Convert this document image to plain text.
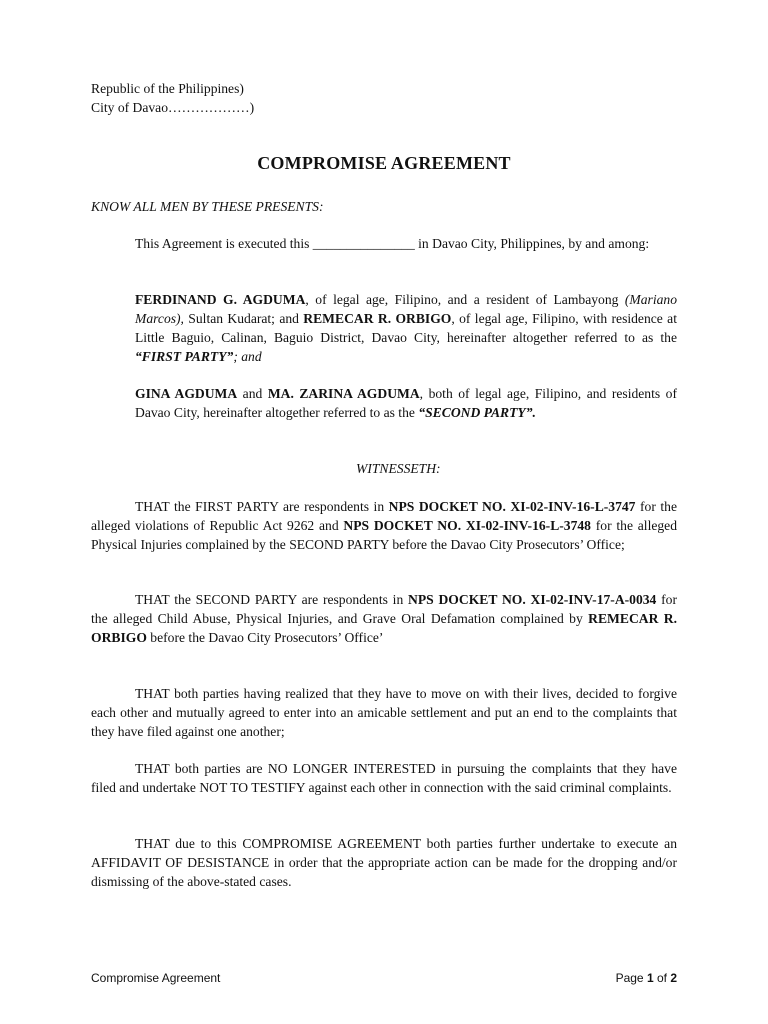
Republic of the Philippines)
City of Davao………………)
COMPROMISE AGREEMENT
KNOW ALL MEN BY THESE PRESENTS:
This Agreement is executed this _______________ in Davao City, Philippines, by and among:
FERDINAND G. AGDUMA, of legal age, Filipino, and a resident of Lambayong (Mariano Marcos), Sultan Kudarat; and REMECAR R. ORBIGO, of legal age, Filipino, with residence at Little Baguio, Calinan, Baguio District, Davao City, hereinafter altogether referred to as the “FIRST PARTY”; and
GINA AGDUMA and MA. ZARINA AGDUMA, both of legal age, Filipino, and residents of Davao City, hereinafter altogether referred to as the “SECOND PARTY”.
WITNESSETH:
THAT the FIRST PARTY are respondents in NPS DOCKET NO. XI-02-INV-16-L-3747 for the alleged violations of Republic Act 9262 and NPS DOCKET NO. XI-02-INV-16-L-3748 for the alleged Physical Injuries complained by the SECOND PARTY before the Davao City Prosecutors’ Office;
THAT the SECOND PARTY are respondents in NPS DOCKET NO. XI-02-INV-17-A-0034 for the alleged Child Abuse, Physical Injuries, and Grave Oral Defamation complained by REMECAR R. ORBIGO before the Davao City Prosecutors’ Office’
THAT both parties having realized that they have to move on with their lives, decided to forgive each other and mutually agreed to enter into an amicable settlement and put an end to the complaints that they have filed against one another;
THAT both parties are NO LONGER INTERESTED in pursuing the complaints that they have filed and undertake NOT TO TESTIFY against each other in connection with the said criminal complaints.
THAT due to this COMPROMISE AGREEMENT both parties further undertake to execute an AFFIDAVIT OF DESISTANCE in order that the appropriate action can be made for the dropping and/or dismissing of the above-stated cases.
Compromise Agreement	Page 1 of 2
